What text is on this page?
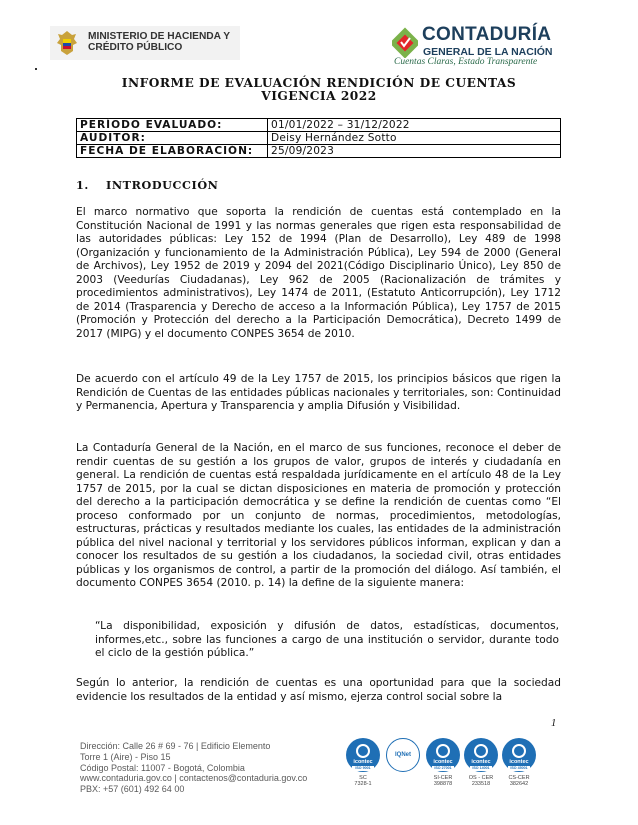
MINISTERIO DE HACIENDA Y
CRÉDITO PÚBLICO
CONTADURÍA
GENERAL DE LA NACIÓN
Cuentas Claras, Estado Transparente
INFORME DE EVALUACIÓN RENDICIÓN DE CUENTAS
VIGENCIA 2022
PERÍODO EVALUADO:	01/01/2022 – 31/12/2022
AUDITOR:	Deisy Hernández Sotto
FECHA DE ELABORACIÓN:	25/09/2023
1. INTRODUCCIÓN
El marco normativo que soporta la rendición de cuentas está contemplado en la Constitución Nacional de 1991 y las normas generales que rigen esta responsabilidad de las autoridades públicas: Ley 152 de 1994 (Plan de Desarrollo), Ley 489 de 1998 (Organización y funcionamiento de la Administración Pública), Ley 594 de 2000 (General de Archivos), Ley 1952 de 2019 y 2094 del 2021(Código Disciplinario Único), Ley 850 de 2003 (Veedurías Ciudadanas), Ley 962 de 2005 (Racionalización de trámites y procedimientos administrativos), Ley 1474 de 2011, (Estatuto Anticorrupción), Ley 1712 de 2014 (Trasparencia y Derecho de acceso a la Información Pública), Ley 1757 de 2015 (Promoción y Protección del derecho a la Participación Democrática), Decreto 1499 de 2017 (MIPG) y el documento CONPES 3654 de 2010.
De acuerdo con el artículo 49 de la Ley 1757 de 2015, los principios básicos que rigen la Rendición de Cuentas de las entidades públicas nacionales y territoriales, son: Continuidad y Permanencia, Apertura y Transparencia y amplia Difusión y Visibilidad.
La Contaduría General de la Nación, en el marco de sus funciones, reconoce el deber de rendir cuentas de su gestión a los grupos de valor, grupos de interés y ciudadanía en general. La rendición de cuentas está respaldada jurídicamente en el artículo 48 de la Ley 1757 de 2015, por la cual se dictan disposiciones en materia de promoción y protección del derecho a la participación democrática y se define la rendición de cuentas como “El proceso conformado por un conjunto de normas, procedimientos, metodologías, estructuras, prácticas y resultados mediante los cuales, las entidades de la administración pública del nivel nacional y territorial y los servidores públicos informan, explican y dan a conocer los resultados de su gestión a los ciudadanos, la sociedad civil, otras entidades públicas y los organismos de control, a partir de la promoción del diálogo. Así también, el documento CONPES 3654 (2010. p. 14) la define de la siguiente manera:
“La disponibilidad, exposición y difusión de datos, estadísticas, documentos, informes,etc., sobre las funciones a cargo de una institución o servidor, durante todo el ciclo de la gestión pública.”
Según lo anterior, la rendición de cuentas es una oportunidad para que la sociedad evidencie los resultados de la entidad y así mismo, ejerza control social sobre la
1
Dirección: Calle 26 # 69 - 76 | Edificio Elemento
Torre 1 (Aire) - Piso 15
Código Postal: 11007 - Bogotá, Colombia
www.contaduria.gov.co | contactenos@contaduria.gov.co
PBX: +57 (601) 492 64 00
icontec
ISO 9001
SC
7328-1
IQNet
icontec
ISO 27001
SI-CER
398878
icontec
ISO 14001
OS - CER
233518
icontec
ISO 45001
CS-CER
382642
